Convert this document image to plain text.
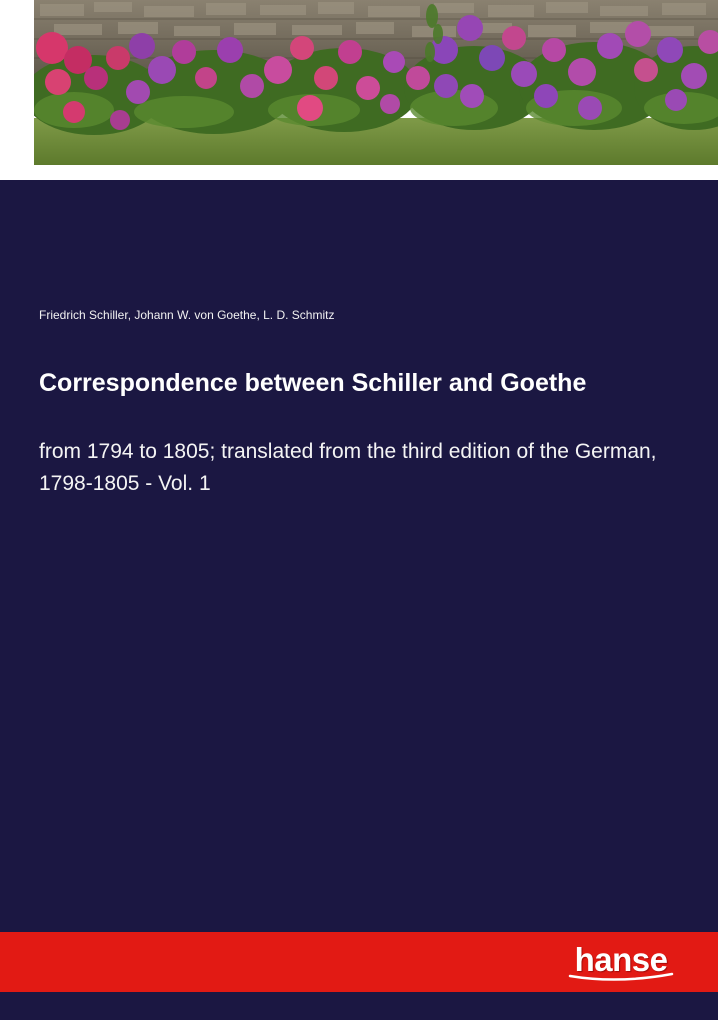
Friedrich Schiller, Johann W. von Goethe, L. D. Schmitz
Correspondence between Schiller and Goethe

from 1794 to 1805; translated from the third edition of the German, 1798-1805 - Vol. 1

hanse
